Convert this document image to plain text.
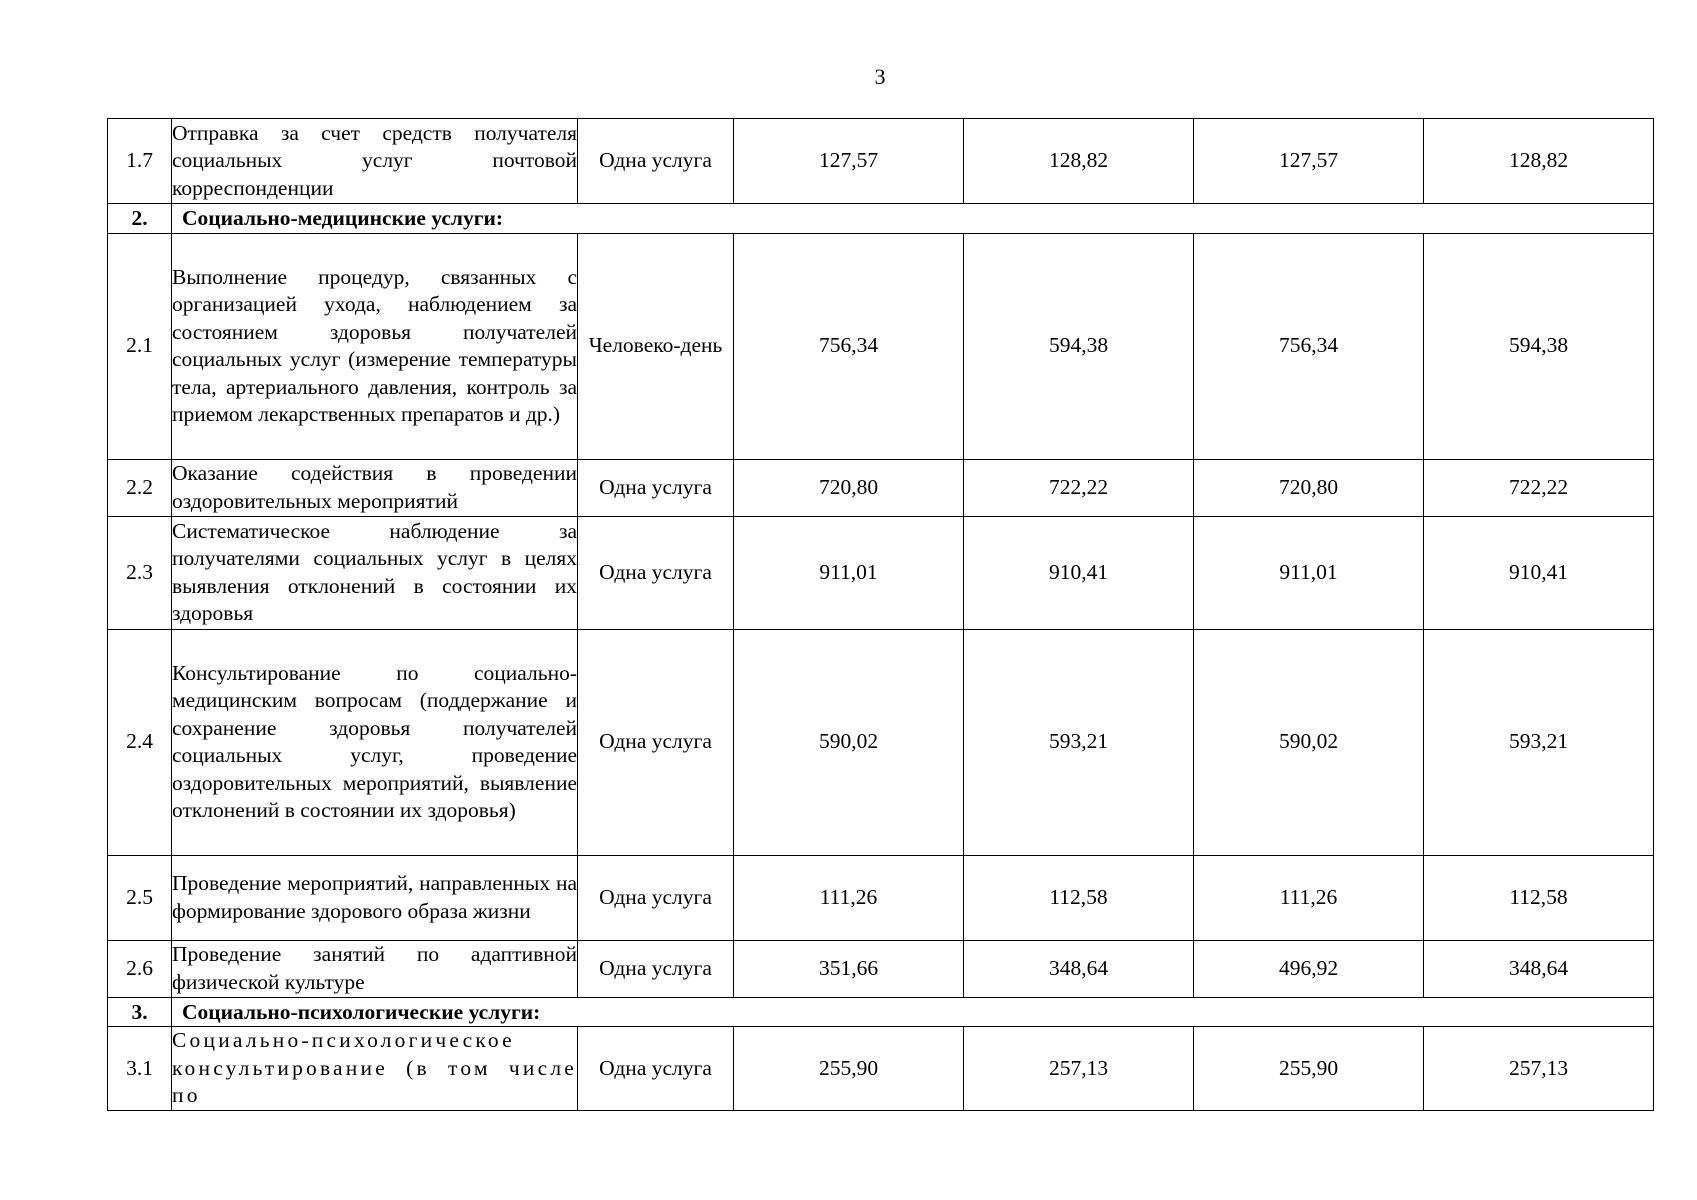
3
1.7	Отправка за счет средств получателя социальных услуг почтовой корреспонденции	Одна услуга	127,57	128,82	127,57	128,82
2.	Социально-медицинские услуги:					
2.1	Выполнение процедур, связанных с организацией ухода, наблюдением за состоянием здоровья получателей социальных услуг (измерение температуры тела, артериального давления, контроль за приемом лекарственных препаратов и др.)	Человеко-день	756,34	594,38	756,34	594,38
2.2	Оказание содействия в проведении оздоровительных мероприятий	Одна услуга	720,80	722,22	720,80	722,22
2.3	Систематическое наблюдение за получателями социальных услуг в целях выявления отклонений в состоянии их здоровья	Одна услуга	911,01	910,41	911,01	910,41
2.4	Консультирование по социально-медицинским вопросам (поддержание и сохранение здоровья получателей социальных услуг, проведение оздоровительных мероприятий, выявление отклонений в состоянии их здоровья)	Одна услуга	590,02	593,21	590,02	593,21
2.5	Проведение мероприятий, направленных на формирование здорового образа жизни	Одна услуга	111,26	112,58	111,26	112,58
2.6	Проведение занятий по адаптивной физической культуре	Одна услуга	351,66	348,64	496,92	348,64
3.	Социально-психологические услуги:					
3.1	Социально-психологическое консультирование (в том числе по	Одна услуга	255,90	257,13	255,90	257,13
